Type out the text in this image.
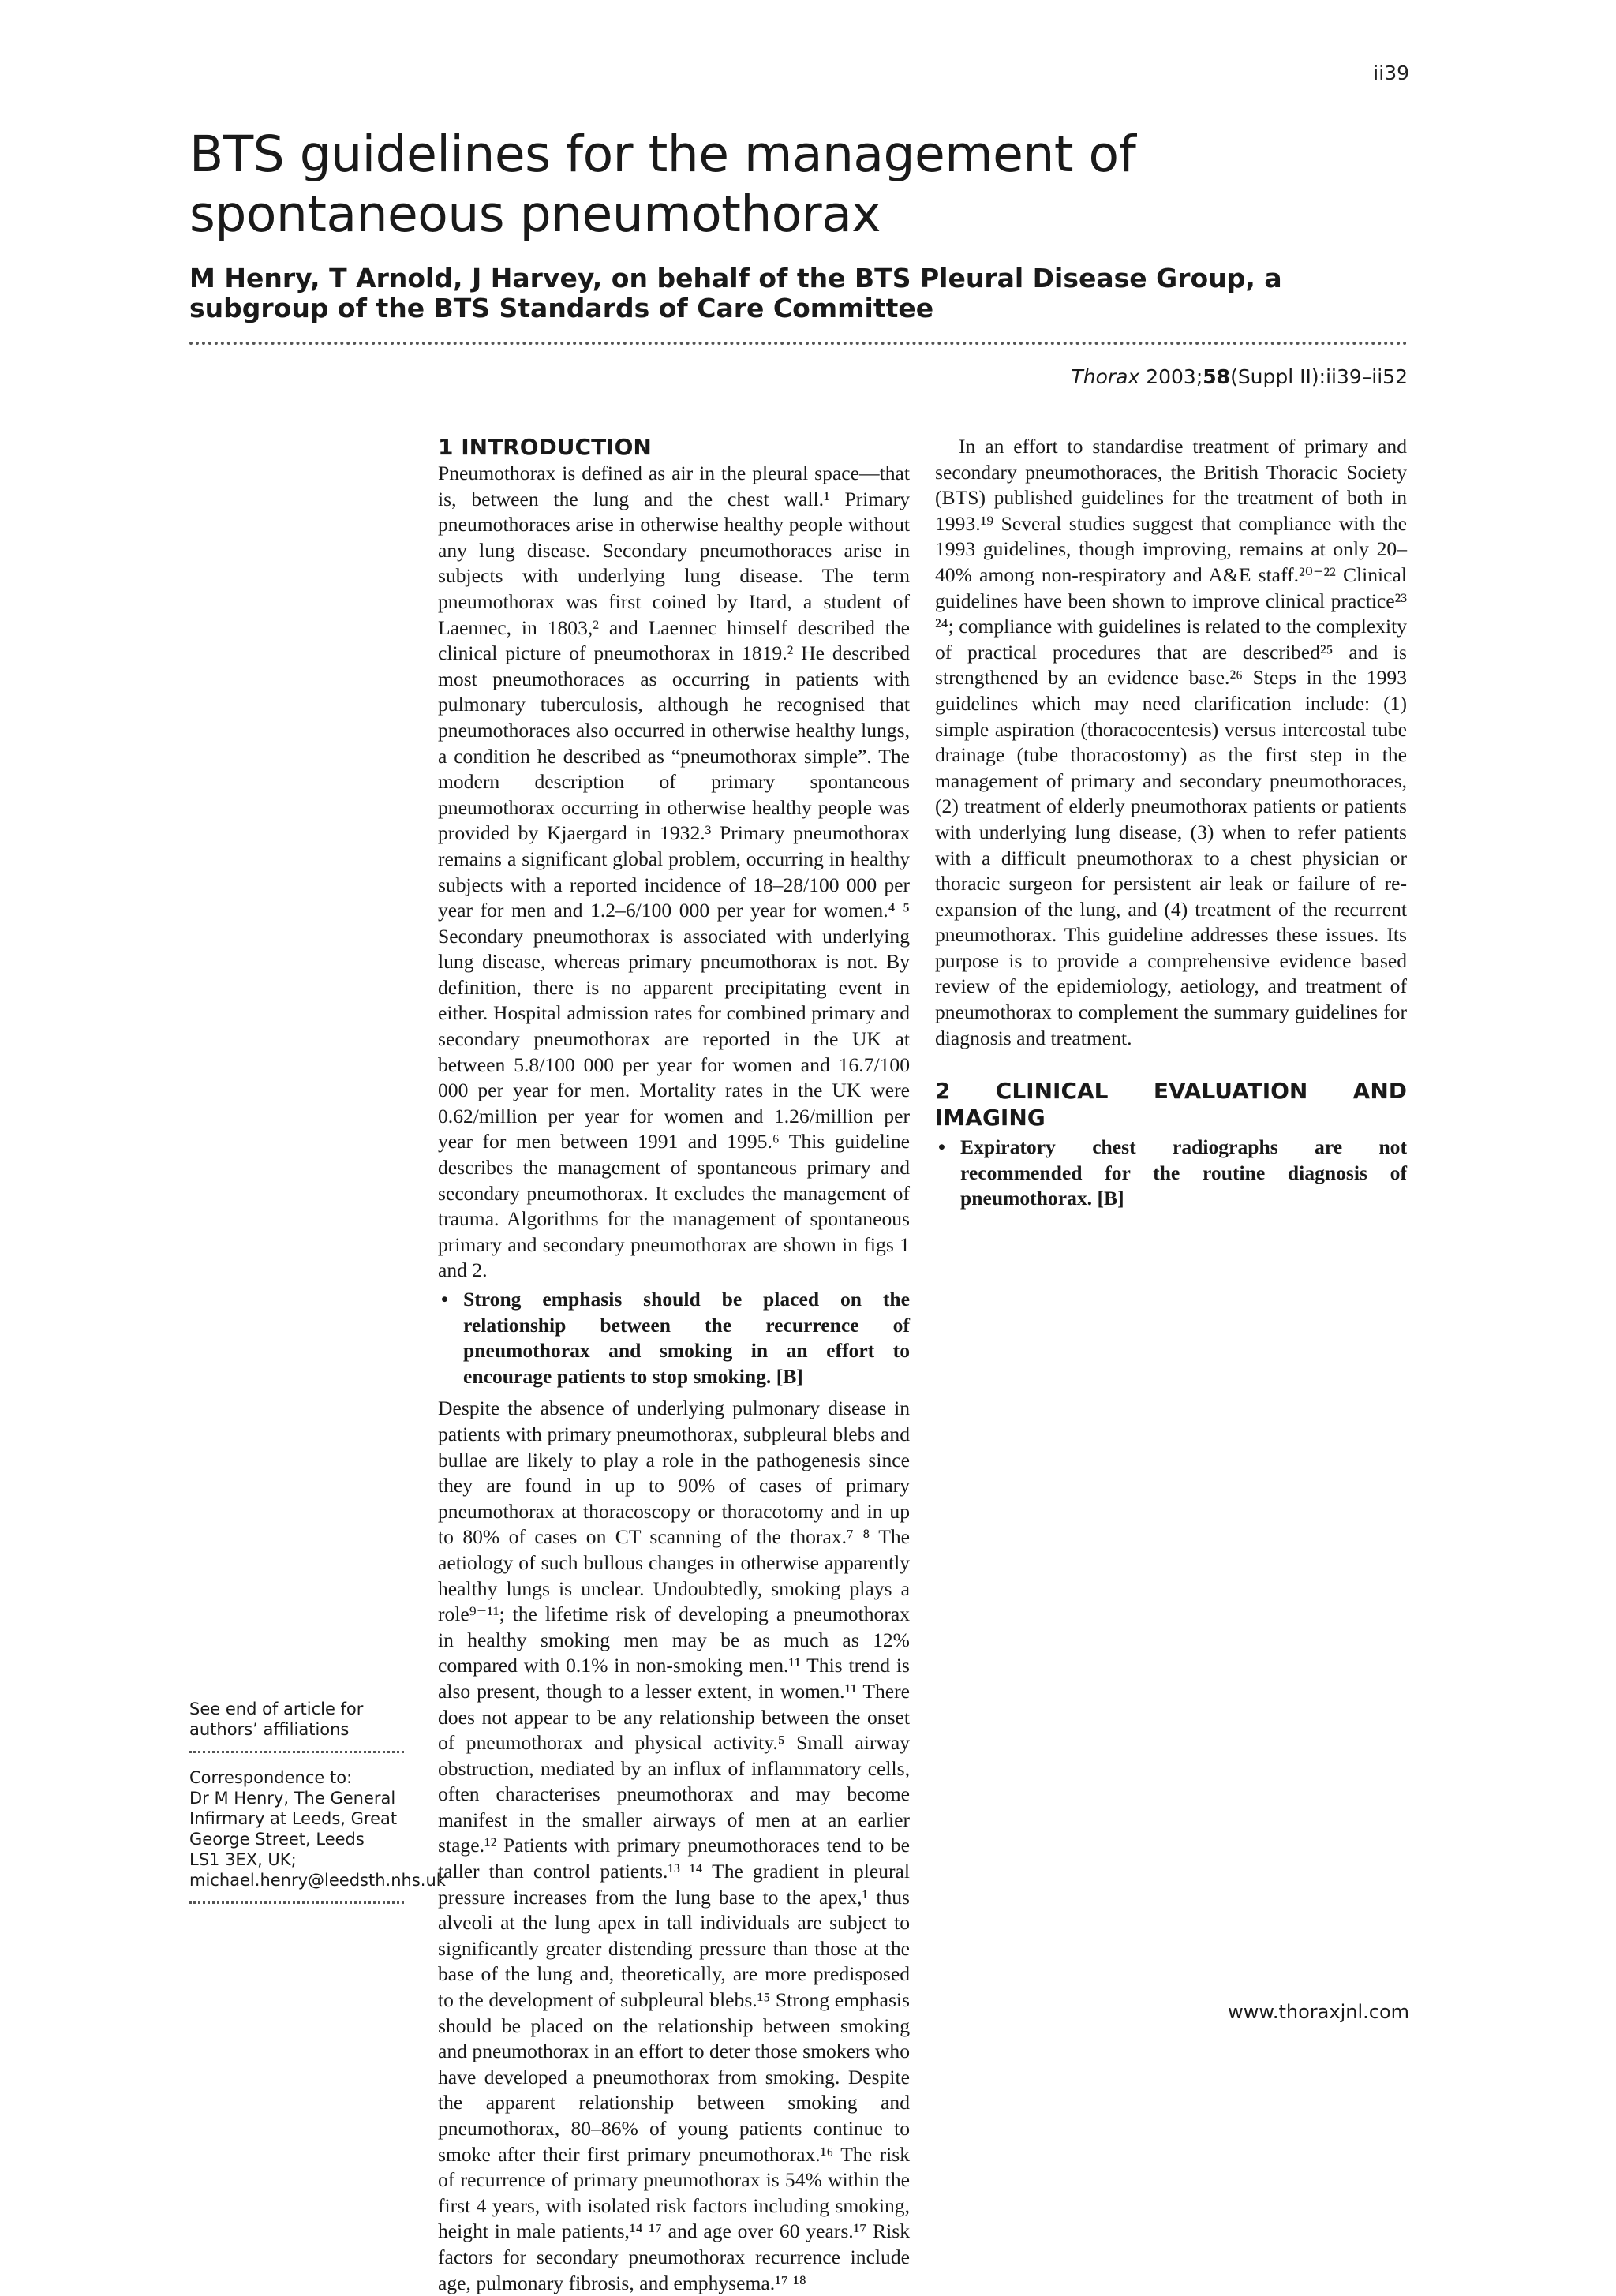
ii39
BTS guidelines for the management of spontaneous pneumothorax

M Henry, T Arnold, J Harvey, on behalf of the BTS Pleural Disease Group, a subgroup of the BTS Standards of Care Committee

Thorax 2003;58(Suppl II):ii39–ii52

See end of article for authors’ affiliations

Correspondence to:

Dr M Henry, The General

Infirmary at Leeds, Great

George Street, Leeds

LS1 3EX, UK;

michael.henry@leedsth.nhs.uk

1 INTRODUCTION

Pneumothorax is defined as air in the pleural space—that is, between the lung and the chest wall.¹ Primary pneumothoraces arise in otherwise healthy people without any lung disease. Secondary pneumothoraces arise in subjects with underlying lung disease. The term pneumothorax was first coined by Itard, a student of Laennec, in 1803,² and Laennec himself described the clinical picture of pneumothorax in 1819.² He described most pneumothoraces as occurring in patients with pulmonary tuberculosis, although he recognised that pneumothoraces also occurred in otherwise healthy lungs, a condition he described as “pneumothorax simple”. The modern description of primary spontaneous pneumothorax occurring in otherwise healthy people was provided by Kjaergard in 1932.³ Primary pneumothorax remains a significant global problem, occurring in healthy subjects with a reported incidence of 18–28/100 000 per year for men and 1.2–6/100 000 per year for women.⁴ ⁵ Secondary pneumothorax is associated with underlying lung disease, whereas primary pneumothorax is not. By definition, there is no apparent precipitating event in either. Hospital admission rates for combined primary and secondary pneumothorax are reported in the UK at between 5.8/100 000 per year for women and 16.7/100 000 per year for men. Mortality rates in the UK were 0.62/million per year for women and 1.26/million per year for men between 1991 and 1995.⁶ This guideline describes the management of spontaneous primary and secondary pneumothorax. It excludes the management of trauma. Algorithms for the management of spontaneous primary and secondary pneumothorax are shown in figs 1 and 2.

• Strong emphasis should be placed on the relationship between the recurrence of pneumothorax and smoking in an effort to encourage patients to stop smoking. [B]

Despite the absence of underlying pulmonary disease in patients with primary pneumothorax, subpleural blebs and bullae are likely to play a role in the pathogenesis since they are found in up to 90% of cases of primary pneumothorax at thoracoscopy or thoracotomy and in up to 80% of cases on CT scanning of the thorax.⁷ ⁸ The aetiology of such bullous changes in otherwise apparently healthy lungs is unclear. Undoubtedly, smoking plays a role⁹⁻¹¹; the lifetime risk of developing a pneumothorax in healthy smoking men may be as much as 12% compared with 0.1% in non-smoking men.¹¹ This trend is also present, though to a lesser extent, in women.¹¹ There does not appear to be any relationship between the onset of pneumothorax and physical activity.⁵ Small airway obstruction, mediated by an influx of inflammatory cells, often characterises pneumothorax and may become manifest in the smaller airways of men at an earlier stage.¹² Patients with primary pneumothoraces tend to be taller than control patients.¹³ ¹⁴ The gradient in pleural pressure increases from the lung base to the apex,¹ thus alveoli at the lung apex in tall individuals are subject to significantly greater distending pressure than those at the base of the lung and, theoretically, are more predisposed to the development of subpleural blebs.¹⁵ Strong emphasis should be placed on the relationship between smoking and pneumothorax in an effort to deter those smokers who have developed a pneumothorax from smoking. Despite the apparent relationship between smoking and pneumothorax, 80–86% of young patients continue to smoke after their first primary pneumothorax.¹⁶ The risk of recurrence of primary pneumothorax is 54% within the first 4 years, with isolated risk factors including smoking, height in male patients,¹⁴ ¹⁷ and age over 60 years.¹⁷ Risk factors for secondary pneumothorax recurrence include age, pulmonary fibrosis, and emphysema.¹⁷ ¹⁸

In an effort to standardise treatment of primary and secondary pneumothoraces, the British Thoracic Society (BTS) published guidelines for the treatment of both in 1993.¹⁹ Several studies suggest that compliance with the 1993 guidelines, though improving, remains at only 20–40% among non-respiratory and A&E staff.²⁰⁻²² Clinical guidelines have been shown to improve clinical practice²³ ²⁴; compliance with guidelines is related to the complexity of practical procedures that are described²⁵ and is strengthened by an evidence base.²⁶ Steps in the 1993 guidelines which may need clarification include: (1) simple aspiration (thoracocentesis) versus intercostal tube drainage (tube thoracostomy) as the first step in the management of primary and secondary pneumothoraces, (2) treatment of elderly pneumothorax patients or patients with underlying lung disease, (3) when to refer patients with a difficult pneumothorax to a chest physician or thoracic surgeon for persistent air leak or failure of re-expansion of the lung, and (4) treatment of the recurrent pneumothorax. This guideline addresses these issues. Its purpose is to provide a comprehensive evidence based review of the epidemiology, aetiology, and treatment of pneumothorax to complement the summary guidelines for diagnosis and treatment.

2 CLINICAL EVALUATION AND IMAGING
• Expiratory chest radiographs are not recommended for the routine diagnosis of pneumothorax. [B]
www.thoraxjnl.com
